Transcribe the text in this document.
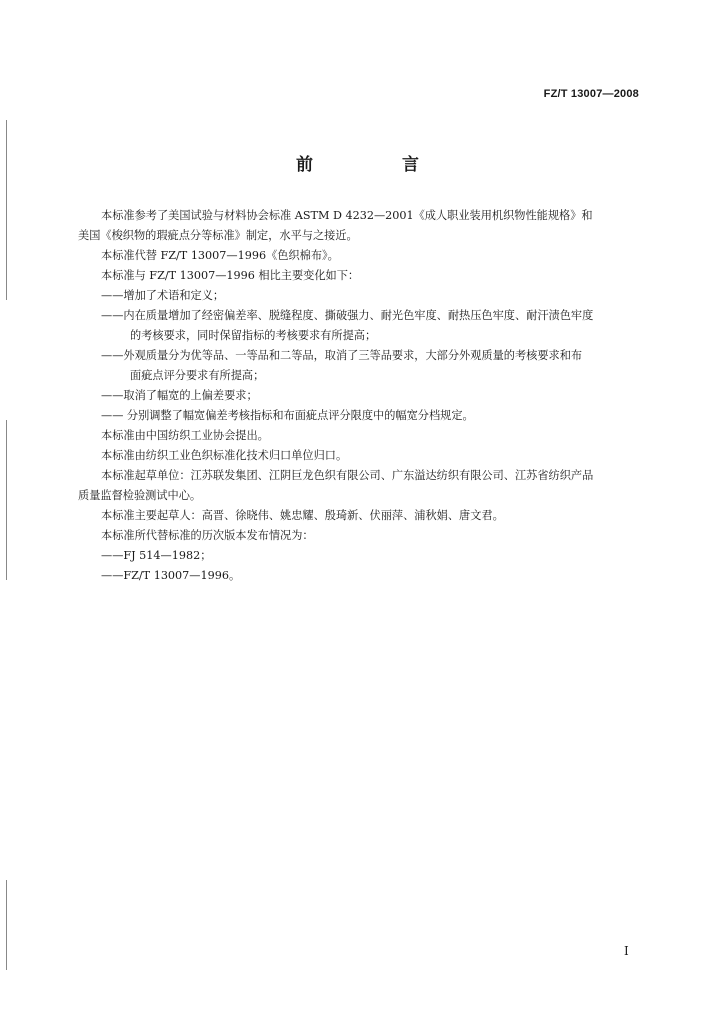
FZ/T 13007—2008
前　言
本标准参考了美国试验与材料协会标准 ASTM D 4232—2001《成人职业装用机织物性能规格》和
美国《梭织物的瑕疵点分等标准》制定，水平与之接近。
本标准代替 FZ/T 13007—1996《色织棉布》。
本标准与 FZ/T 13007—1996 相比主要变化如下：
——增加了术语和定义；
——内在质量增加了经密偏差率、脱缝程度、撕破强力、耐光色牢度、耐热压色牢度、耐汗渍色牢度
的考核要求，同时保留指标的考核要求有所提高；
——外观质量分为优等品、一等品和二等品，取消了三等品要求，大部分外观质量的考核要求和布
面疵点评分要求有所提高；
——取消了幅宽的上偏差要求；
—— 分别调整了幅宽偏差考核指标和布面疵点评分限度中的幅宽分档规定。
本标准由中国纺织工业协会提出。
本标准由纺织工业色织标准化技术归口单位归口。
本标准起草单位：江苏联发集团、江阴巨龙色织有限公司、广东溢达纺织有限公司、江苏省纺织产品
质量监督检验测试中心。
本标准主要起草人：高晋、徐晓伟、姚忠耀、殷琦新、伏丽萍、浦秋娟、唐文君。
本标准所代替标准的历次版本发布情况为：
——FJ 514—1982；
——FZ/T 13007—1996。
I
